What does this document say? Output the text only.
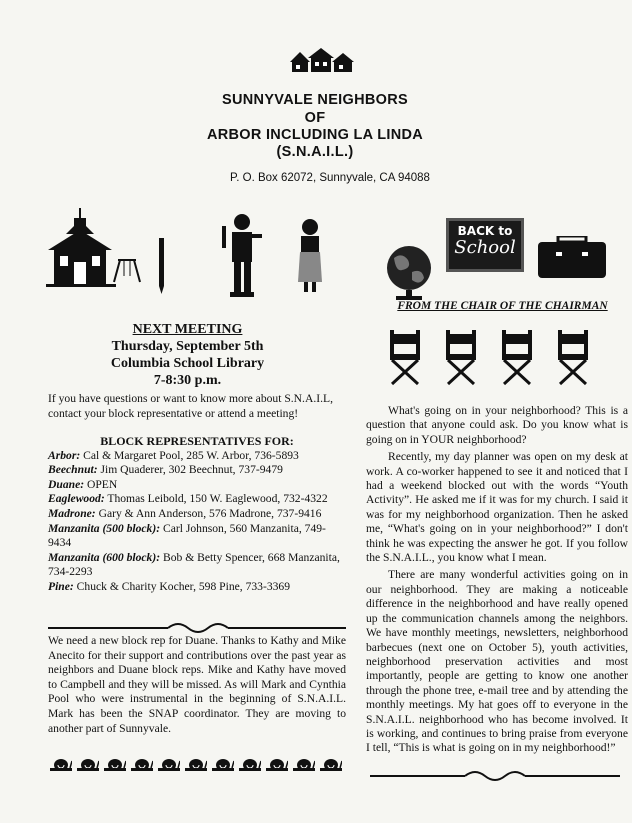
SUNNYVALE NEIGHBORS
OF
ARBOR INCLUDING LA LINDA
(S.N.A.I.L.)
P. O. Box 62072, Sunnyvale, CA 94088
BACK to
School
NEXT MEETING
Thursday, September 5th
Columbia School Library
7-8:30 p.m.
If you have questions or want to know more about S.N.A.I.L, contact your block representative or attend a meeting!
BLOCK REPRESENTATIVES FOR:
Arbor: Cal & Margaret Pool, 285 W. Arbor, 736-5893
Beechnut: Jim Quaderer, 302 Beechnut, 737-9479
Duane: OPEN
Eaglewood: Thomas Leibold, 150 W. Eaglewood, 732-4322
Madrone: Gary & Ann Anderson, 576 Madrone, 737-9416
Manzanita (500 block): Carl Johnson, 560 Manzanita, 749-9434
Manzanita (600 block): Bob & Betty Spencer, 668 Manzanita, 734-2293
Pine: Chuck & Charity Kocher, 598 Pine, 733-3369
We need a new block rep for Duane. Thanks to Kathy and Mike Anecito for their support and contributions over the past year as neighbors and Duane block reps. Mike and Kathy have moved to Campbell and they will be missed. As will Mark and Cynthia Pool who were instrumental in the beginning of S.N.A.I.L. Mark has been the SNAP coordinator. They are moving to another part of Sunnyvale.
FROM THE CHAIR OF THE CHAIRMAN

What's going on in your neighborhood? This is a question that anyone could ask. Do you know what is going on in YOUR neighborhood?

Recently, my day planner was open on my desk at work. A co-worker happened to see it and noticed that I had a weekend blocked out with the words “Youth Activity”. He asked me if it was for my church. I said it was for my neighborhood organization. Then he asked me, “What's going on in your neighborhood?” I don't think he was expecting the answer he got. If you follow the S.N.A.I.L., you know what I mean.

There are many wonderful activities going on in our neighborhood. They are making a noticeable difference in the neighborhood and have really opened up the communication channels among the neighbors. We have monthly meetings, newsletters, neighborhood barbecues (next one on October 5), youth activities, neighborhood preservation activities and most importantly, people are getting to know one another through the phone tree, e-mail tree and by attending the monthly meetings. My hat goes off to everyone in the S.N.A.I.L. neighborhood who has become involved. It is working, and continues to bring praise from everyone I tell, “This is what is going on in my neighborhood!”
